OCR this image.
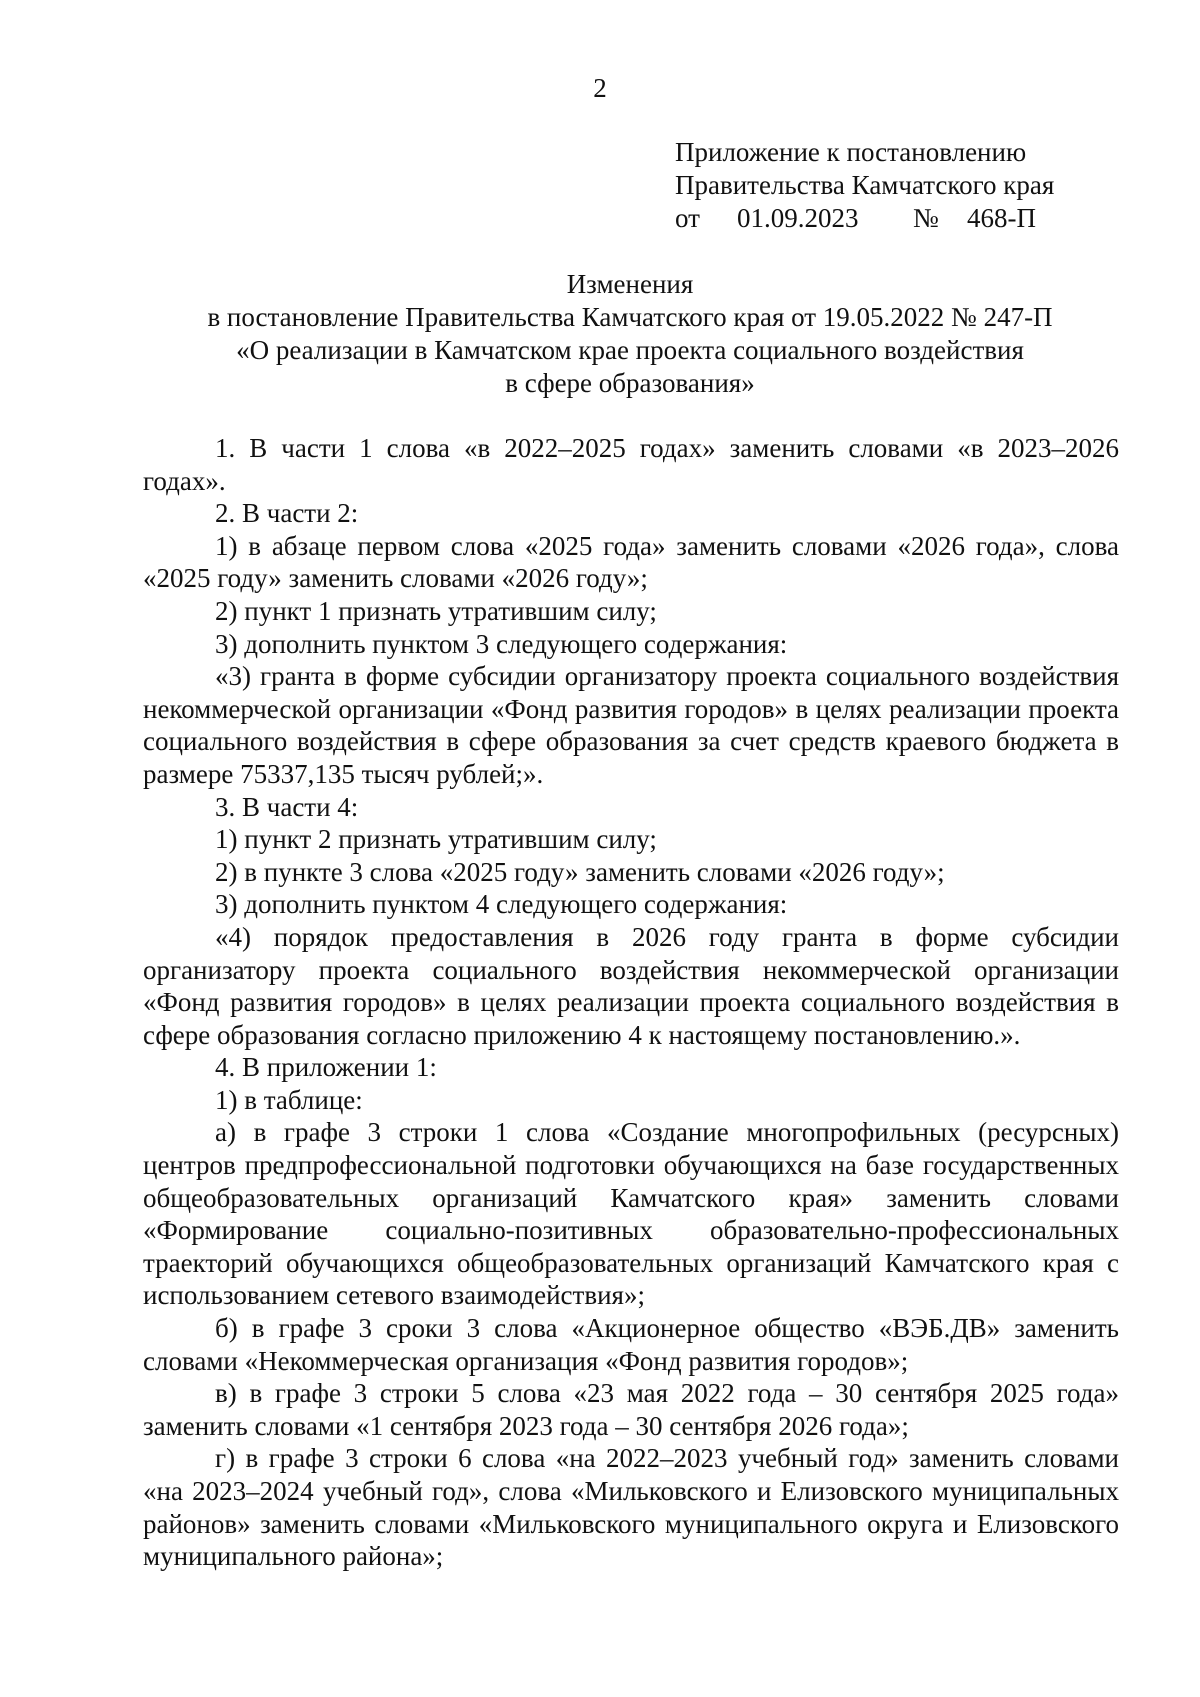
2
Приложение к постановлению
Правительства Камчатского края
от 01.09.2023 № 468-П
Изменения
в постановление Правительства Камчатского края от 19.05.2022 № 247-П
«О реализации в Камчатском крае проекта социального воздействия
в сфере образования»

1. В части 1 слова «в 2022–2025 годах» заменить словами «в 2023–2026 годах».

2. В части 2:

1) в абзаце первом слова «2025 года» заменить словами «2026 года», слова «2025 году» заменить словами «2026 году»;

2) пункт 1 признать утратившим силу;

3) дополнить пунктом 3 следующего содержания:

«3) гранта в форме субсидии организатору проекта социального воздействия некоммерческой организации «Фонд развития городов» в целях реализации проекта социального воздействия в сфере образования за счет средств краевого бюджета в размере 75337,135 тысяч рублей;».

3. В части 4:

1) пункт 2 признать утратившим силу;

2) в пункте 3 слова «2025 году» заменить словами «2026 году»;

3) дополнить пунктом 4 следующего содержания:

«4) порядок предоставления в 2026 году гранта в форме субсидии организатору проекта социального воздействия некоммерческой организации «Фонд развития городов» в целях реализации проекта социального воздействия в сфере образования согласно приложению 4 к настоящему постановлению.».

4. В приложении 1:

1) в таблице:

а) в графе 3 строки 1 слова «Создание многопрофильных (ресурсных) центров предпрофессиональной подготовки обучающихся на базе государственных общеобразовательных организаций Камчатского края» заменить словами «Формирование социально-позитивных образовательно-профессиональных траекторий обучающихся общеобразовательных организаций Камчатского края с использованием сетевого взаимодействия»;

б) в графе 3 сроки 3 слова «Акционерное общество «ВЭБ.ДВ» заменить словами «Некоммерческая организация «Фонд развития городов»;

в) в графе 3 строки 5 слова «23 мая 2022 года – 30 сентября 2025 года» заменить словами «1 сентября 2023 года – 30 сентября 2026 года»;

г) в графе 3 строки 6 слова «на 2022–2023 учебный год» заменить словами «на 2023–2024 учебный год», слова «Мильковского и Елизовского муниципальных районов» заменить словами «Мильковского муниципального округа и Елизовского муниципального района»;
